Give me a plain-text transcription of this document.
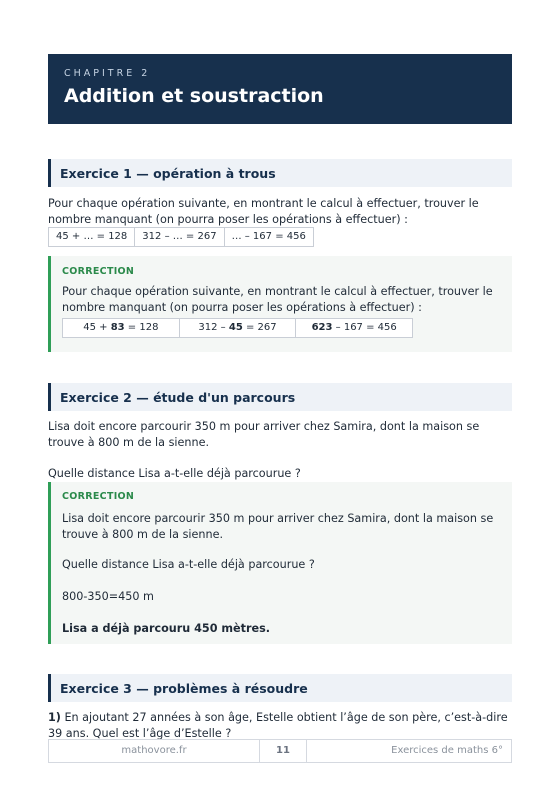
CHAPITRE 2
Addition et soustraction
Exercice 1 — opération à trous

Pour chaque opération suivante, en montrant le calcul à effectuer, trouver le nombre manquant (on pourra poser les opérations à effectuer) :

45 + … = 128	312 – … = 267	… – 167 = 456
CORRECTION

Pour chaque opération suivante, en montrant le calcul à effectuer, trouver le nombre manquant (on pourra poser les opérations à effectuer) :

45 + 83 = 128	312 – 45 = 267	623 – 167 = 456
Exercice 2 — étude d'un parcours

Lisa doit encore parcourir 350 m pour arriver chez Samira, dont la maison se trouve à 800 m de la sienne.

Quelle distance Lisa a-t-elle déjà parcourue ?

CORRECTION

Lisa doit encore parcourir 350 m pour arriver chez Samira, dont la maison se trouve à 800 m de la sienne.

Quelle distance Lisa a-t-elle déjà parcourue ?

800-350=450 m

Lisa a déjà parcouru 450 mètres.

Exercice 3 — problèmes à résoudre

1) En ajoutant 27 années à son âge, Estelle obtient l’âge de son père, c’est-à-dire 39 ans. Quel est l’âge d’Estelle ?

mathovore.fr	11	Exercices de maths 6°
